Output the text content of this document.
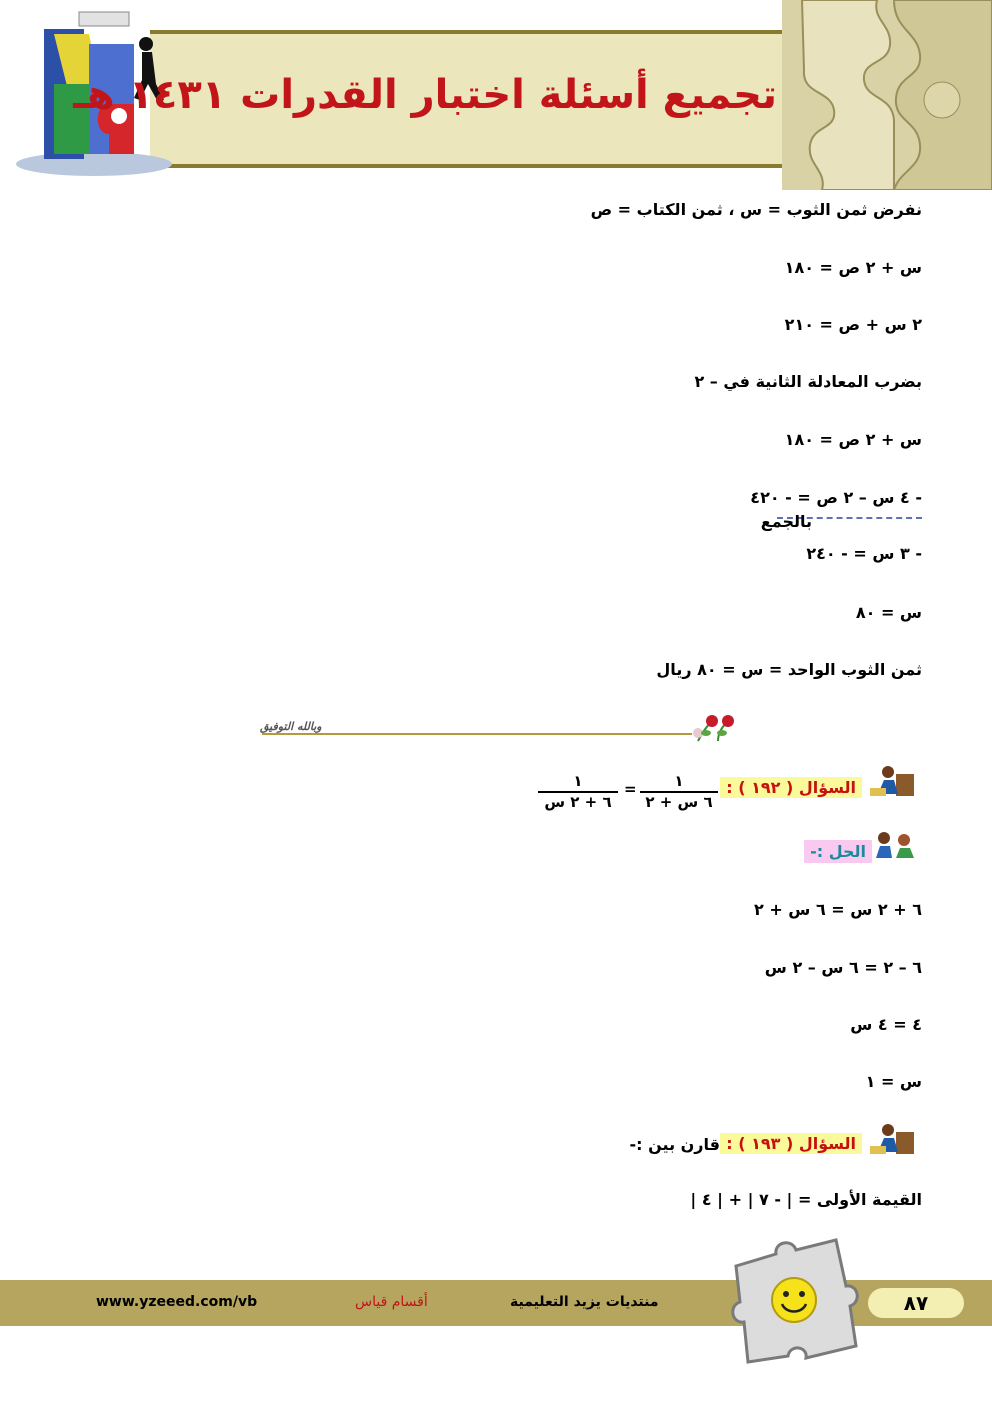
تجميع أسئلة اختبار القدرات ١٤٣١ هـ
نفرض ثمن الثوب = س ، ثمن الكتاب = ص
س + ٢ ص = ١٨٠
٢ س + ص = ٢١٠
بضرب المعادلة الثانية في – ٢
س + ٢ ص = ١٨٠
- ٤ س – ٢ ص = - ٤٢٠
بالجمع
- ٣ س = - ٢٤٠
س = ٨٠
ثمن الثوب الواحد = س = ٨٠ ريال
وبالله التوفيق
السؤال ( ١٩٢ ) :
١
٦ س + ٢
=
١
٦ + ٢ س
الحل :-
٦ + ٢ س = ٦ س + ٢
٦ – ٢ = ٦ س – ٢ س
٤ = ٤ س
س = ١
السؤال ( ١٩٣ ) :
قارن بين :-
القيمة الأولى = | - ٧ | + | ٤ |
٨٧
منتديات يزيد التعليمية
أقسام قياس
www.yzeeed.com/vb
